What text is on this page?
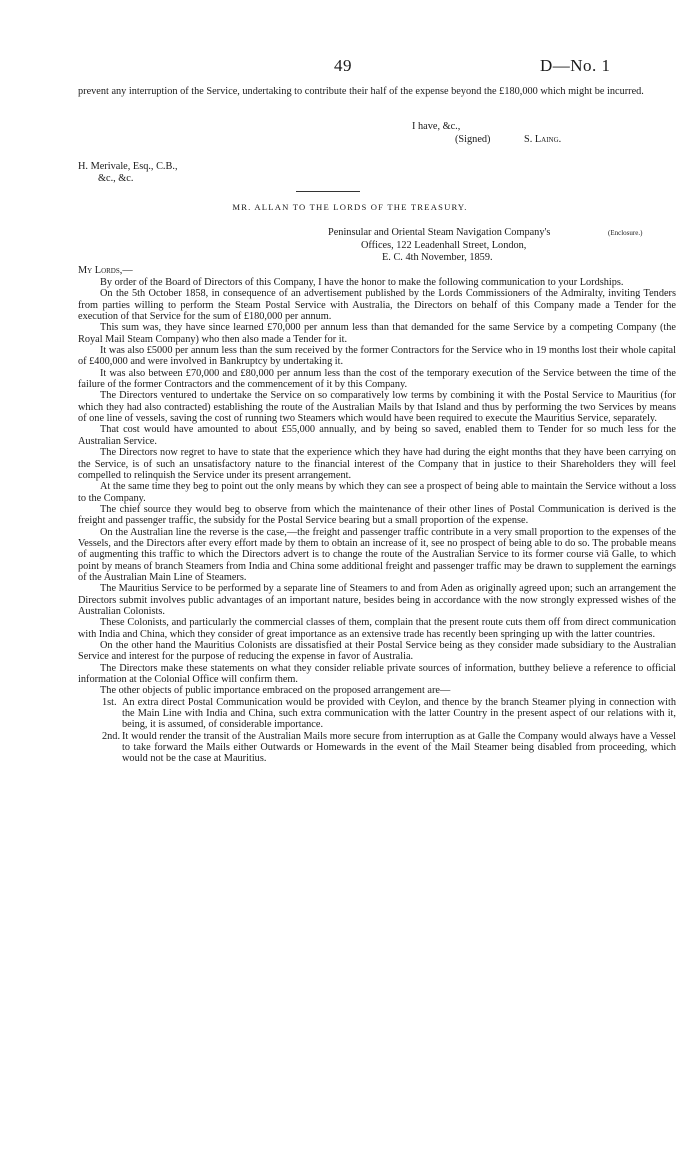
49	D—No. 1

prevent any interruption of the Service, undertaking to contribute their half of the expense beyond the £180,000 which might be incurred.

I have, &c.,
(Signed)	S. Laing.
H. Merivale, Esq., C.B.,
&c., &c.
MR. ALLAN TO THE LORDS OF THE TREASURY.
Peninsular and Oriental Steam Navigation Company's	(Enclosure.)
Offices, 122 Leadenhall Street, London,
E. C. 4th November, 1859.
My Lords,—

By order of the Board of Directors of this Company, I have the honor to make the following communication to your Lordships.

On the 5th October 1858, in consequence of an advertisement published by the Lords Commissioners of the Admiralty, inviting Tenders from parties willing to perform the Steam Postal Service with Australia, the Directors on behalf of this Company made a Tender for the execution of that Service for the sum of £180,000 per annum.

This sum was, they have since learned £70,000 per annum less than that demanded for the same Service by a competing Company (the Royal Mail Steam Company) who then also made a Tender for it.

It was also £5000 per annum less than the sum received by the former Contractors for the Service who in 19 months lost their whole capital of £400,000 and were involved in Bankruptcy by undertaking it.

It was also between £70,000 and £80,000 per annum less than the cost of the temporary execution of the Service between the time of the failure of the former Contractors and the commencement of it by this Company.

The Directors ventured to undertake the Service on so comparatively low terms by combining it with the Postal Service to Mauritius (for which they had also contracted) establishing the route of the Australian Mails by that Island and thus by performing the two Services by means of one line of vessels, saving the cost of running two Steamers which would have been required to execute the Mauritius Service, separately.

That cost would have amounted to about £55,000 annually, and by being so saved, enabled them to Tender for so much less for the Australian Service.

The Directors now regret to have to state that the experience which they have had during the eight months that they have been carrying on the Service, is of such an unsatisfactory nature to the financial interest of the Company that in justice to their Shareholders they will feel compelled to relinquish the Service under its present arrangement.

At the same time they beg to point out the only means by which they can see a prospect of being able to maintain the Service without a loss to the Company.

The chief source they would beg to observe from which the maintenance of their other lines of Postal Communication is derived is the freight and passenger traffic, the subsidy for the Postal Service bearing but a small proportion of the expense.

On the Australian line the reverse is the case,—the freight and passenger traffic contribute in a very small proportion to the expenses of the Vessels, and the Directors after every effort made by them to obtain an increase of it, see no prospect of being able to do so. The probable means of augmenting this traffic to which the Directors advert is to change the route of the Australian Service to its former course viâ Galle, to which point by means of branch Steamers from India and China some additional freight and passenger traffic may be drawn to supplement the earnings of the Australian Main Line of Steamers.

The Mauritius Service to be performed by a separate line of Steamers to and from Aden as originally agreed upon; such an arrangement the Directors submit involves public advantages of an important nature, besides being in accordance with the now strongly expressed wishes of the Australian Colonists.

These Colonists, and particularly the commercial classes of them, complain that the present route cuts them off from direct communication with India and China, which they consider of great importance as an extensive trade has recently been springing up with the latter countries.

On the other hand the Mauritius Colonists are dissatisfied at their Postal Service being as they consider made subsidiary to the Australian Service and interest for the purpose of reducing the expense in favor of Australia.

The Directors make these statements on what they consider reliable private sources of information, butthey believe a reference to official information at the Colonial Office will confirm them.

The other objects of public importance embraced on the proposed arrangement are—

1st. An extra direct Postal Communication would be provided with Ceylon, and thence by the branch Steamer plying in connection with the Main Line with India and China, such extra communication with the latter Country in the present aspect of our relations with it, being, it is assumed, of considerable importance.
2nd. It would render the transit of the Australian Mails more secure from interruption as at Galle the Company would always have a Vessel to take forward the Mails either Outwards or Homewards in the event of the Mail Steamer being disabled from proceeding, which would not be the case at Mauritius.
